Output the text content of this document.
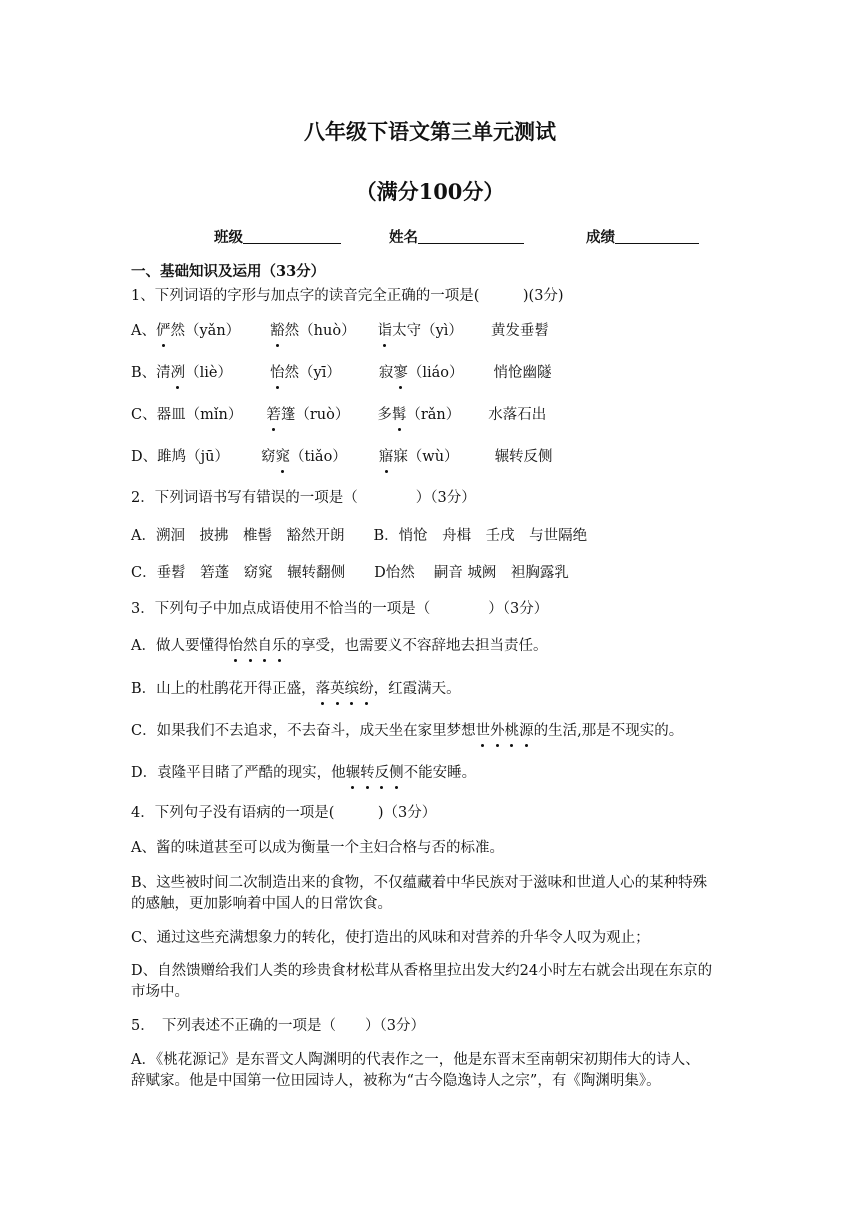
八年级下语文第三单元测试
（满分100分）
班级	姓名	成绩
一、基础知识及运用（33分）
1、下列词语的字形与加点字的读音完全正确的一项是(　　　)(3分)
A、俨然（yǎn） 豁然（huò） 诣太守（yì） 黄发垂髫
B、清冽（liè）	怡然（yī）	寂寥（liáo） 悄怆幽隧
C、器皿（mǐn） 箬篷（ruò） 多髯（rǎn） 水落石出
D、雎鸠（jū） 窈窕（tiǎo） 寤寐（wù） 辗转反侧
2．下列词语书写有错误的一项是（　　　　）（3分）
A．溯洄　披拂　椎髻　豁然开朗　　B．悄怆　舟楫　壬戌　与世隔绝
C．垂髫　箬蓬　窈窕　辗转翻侧　　D怡然　 嗣音 城阙　袒胸露乳
3．下列句子中加点成语使用不恰当的一项是（　　　　）（3分）
A．做人要懂得怡然自乐的享受，也需要义不容辞地去担当责任。
B．山上的杜鹃花开得正盛，落英缤纷，红霞满天。
C．如果我们不去追求，不去奋斗，成天坐在家里梦想世外桃源的生活,那是不现实的。
D．袁隆平目睹了严酷的现实，他辗转反侧不能安睡。
4．下列句子没有语病的一项是(　　　)（3分）
A、酱的味道甚至可以成为衡量一个主妇合格与否的标准。
B、这些被时间二次制造出来的食物，不仅蕴藏着中华民族对于滋味和世道人心的某种特殊
的感触，更加影响着中国人的日常饮食。
C、通过这些充满想象力的转化，使打造出的风味和对营养的升华令人叹为观止；
D、自然馈赠给我们人类的珍贵食材松茸从香格里拉出发大约24小时左右就会出现在东京的
市场中。
5．　下列表述不正确的一项是（　　）（3分）
A．《桃花源记》是东晋文人陶渊明的代表作之一，他是东晋末至南朝宋初期伟大的诗人、
辞赋家。他是中国第一位田园诗人，被称为“古今隐逸诗人之宗”，有《陶渊明集》。
